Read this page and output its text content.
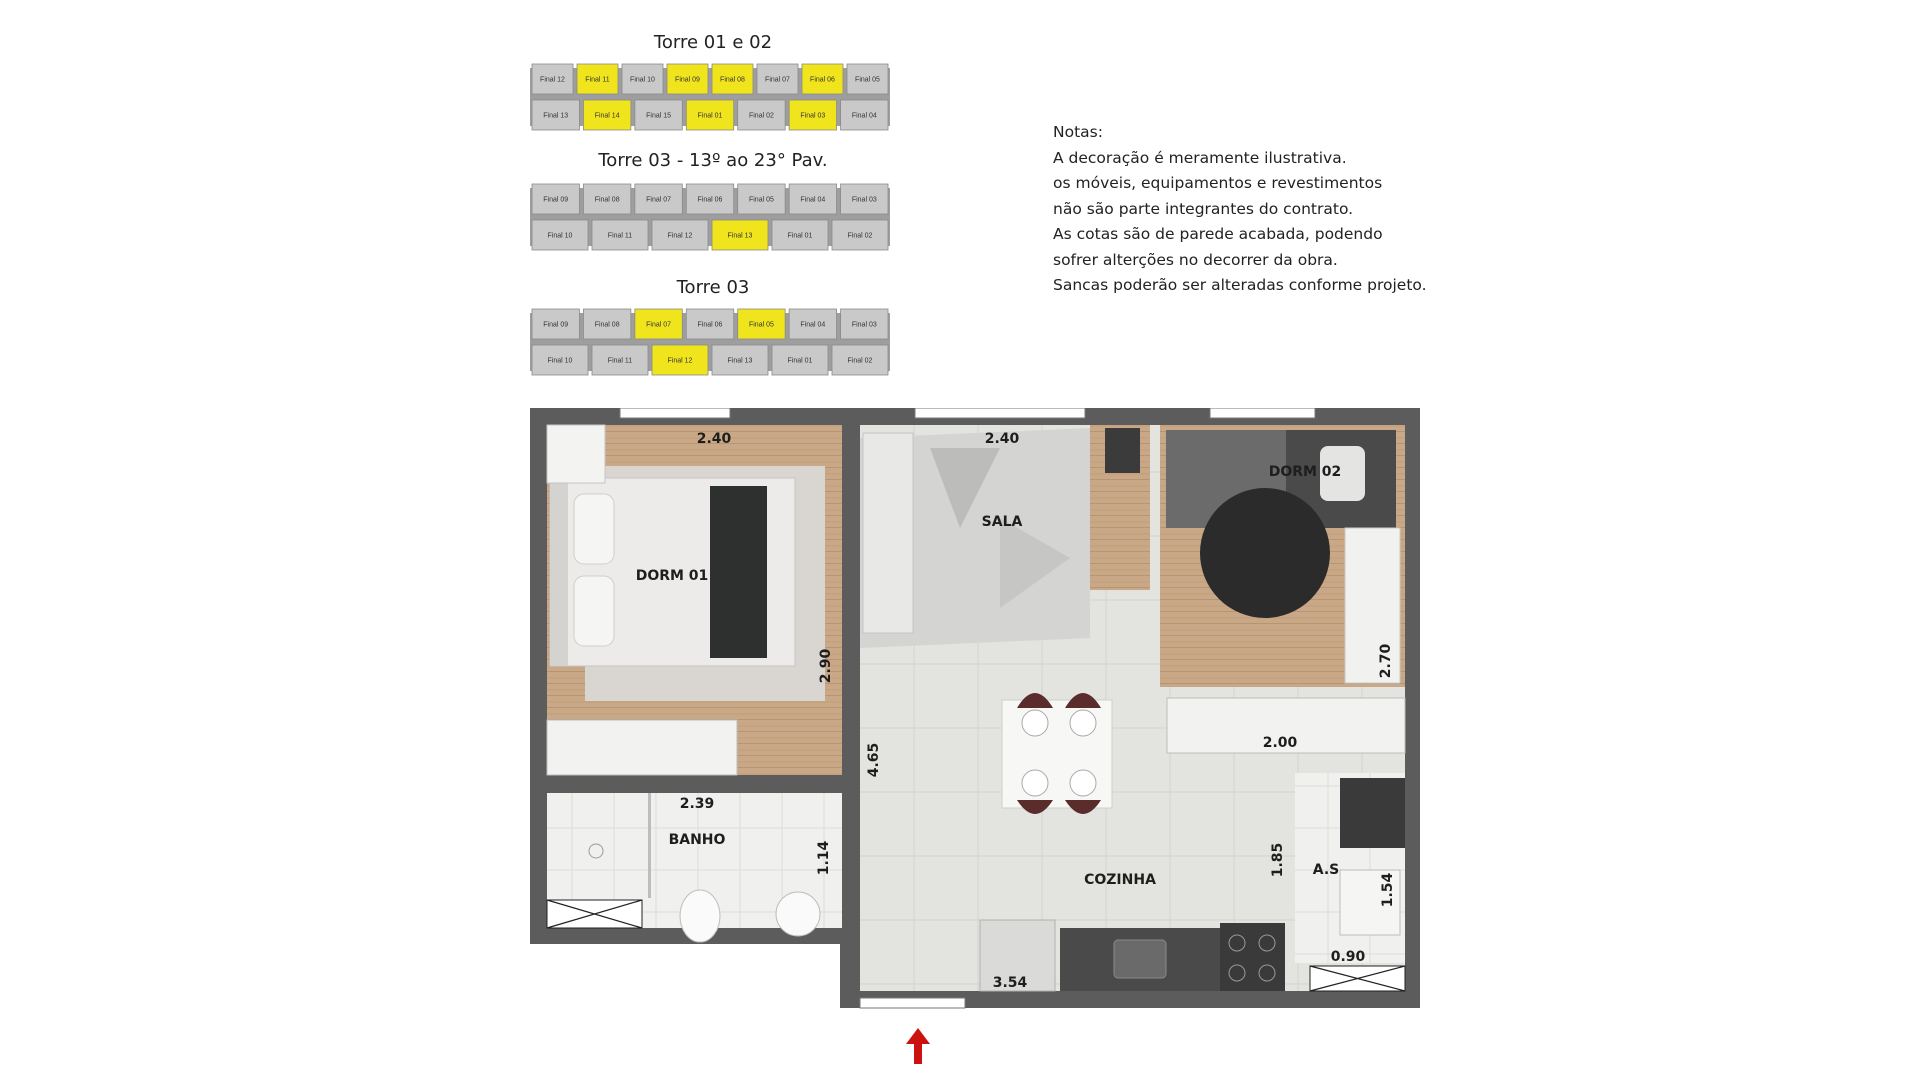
Torre 01 e 02
Torre 03 - 13º ao 23° Pav.
Torre 03
Final 12	Final 11	Final 10	Final 09	Final 08	Final 07	Final 06	Final 05
Final 13	Final 14	Final 15	Final 01	Final 02	Final 03	Final 04
Final 09	Final 08	Final 07	Final 06	Final 05	Final 04	Final 03
Final 10	Final 11	Final 12	Final 13	Final 01	Final 02
Final 09	Final 08	Final 07	Final 06	Final 05	Final 04	Final 03
Final 10	Final 11	Final 12	Final 13	Final 01	Final 02
Notas:
A decoração é meramente ilustrativa.
os móveis, equipamentos e revestimentos
não são parte integrantes do contrato.
As cotas são de parede acabada, podendo
sofrer alterções no decorrer da obra.
Sancas poderão ser alteradas conforme projeto.
DORM 01
2.40
2.90
BANHO
2.39
1.14
SALA
2.40
4.65
DORM 02
2.70
2.00
COZINHA
A.S
1.85
1.54
0.90
3.54
